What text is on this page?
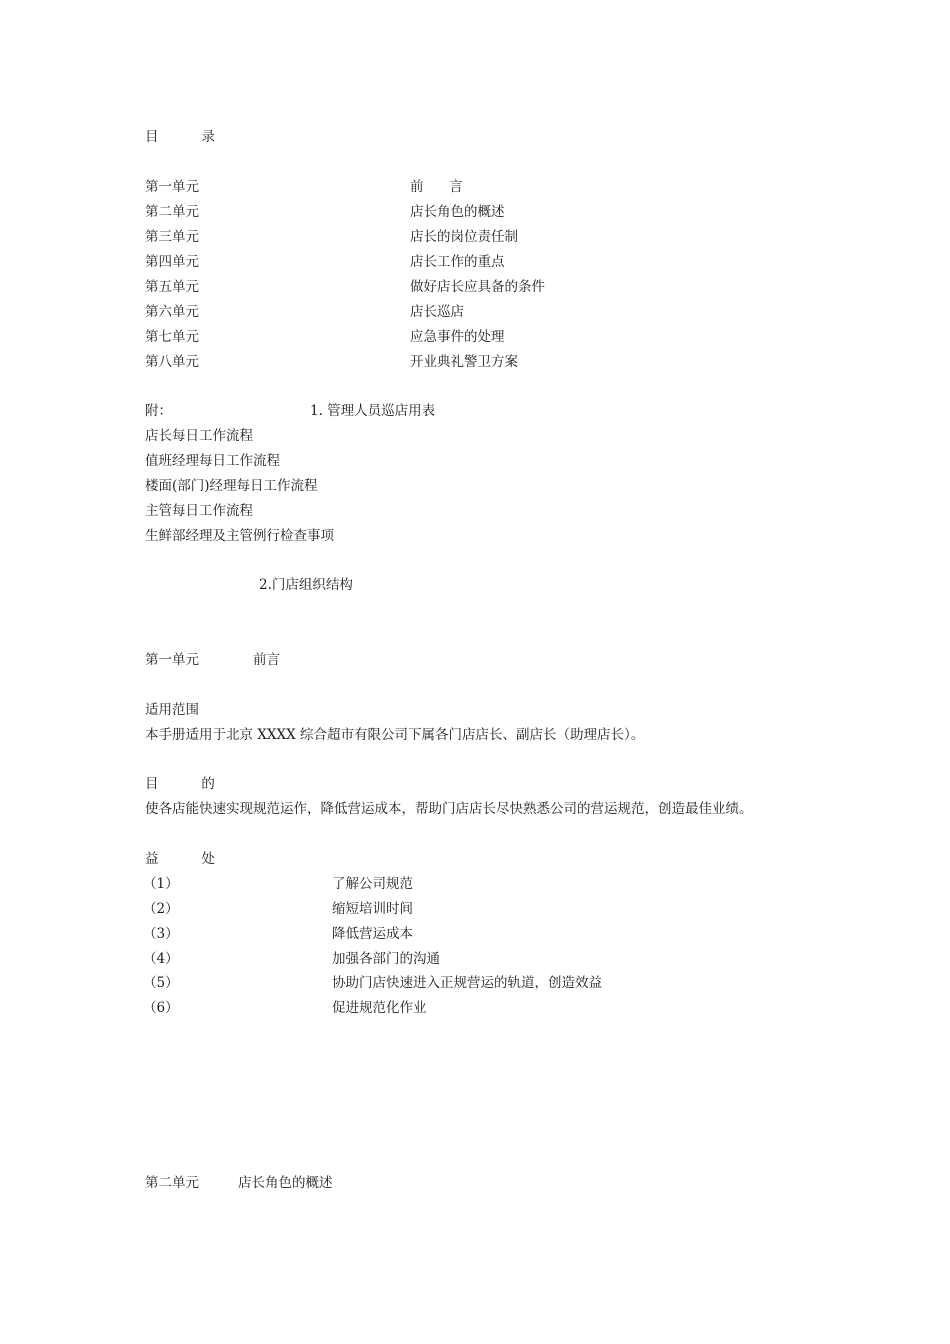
目          录
第一单元	前      言
第二单元	店长角色的概述
第三单元	店长的岗位责任制
第四单元	店长工作的重点
第五单元	做好店长应具备的条件
第六单元	店长巡店
第七单元	应急事件的处理
第八单元	开业典礼警卫方案
附：	1. 管理人员巡店用表
店长每日工作流程
值班经理每日工作流程
楼面(部门)经理每日工作流程
主管每日工作流程
生鲜部经理及主管例行检查事项
2.门店组织结构
第一单元	前言
适用范围
本手册适用于北京 XXXX 综合超市有限公司下属各门店店长、副店长（助理店长）。
目          的
使各店能快速实现规范运作，降低营运成本，帮助门店店长尽快熟悉公司的营运规范，创造最佳业绩。
益          处
（1）	了解公司规范
（2）	缩短培训时间
（3）	降低营运成本
（4）	加强各部门的沟通
（5）	协助门店快速进入正规营运的轨道，创造效益
（6）	促进规范化作业
第二单元	店长角色的概述
